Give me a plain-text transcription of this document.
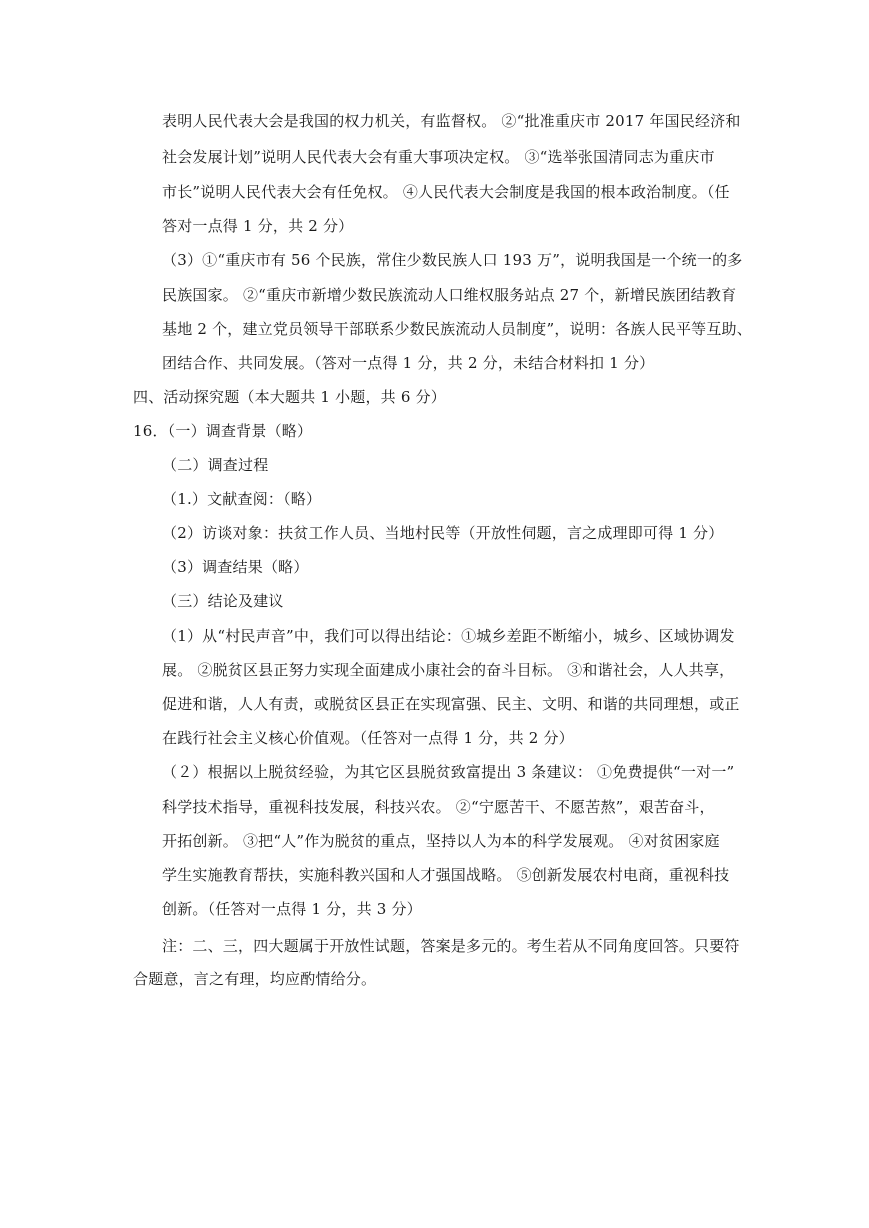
表明人民代表大会是我国的权力机关，有监督权。 ②“批准重庆市 2017 年国民经济和
社会发展计划”说明人民代表大会有重大事项决定权。 ③“选举张国清同志为重庆市
市长”说明人民代表大会有任免权。 ④人民代表大会制度是我国的根本政治制度。（任
答对一点得 1 分，共 2 分）
（3）①“重庆市有 56 个民族，常住少数民族人口 193 万”，说明我国是一个统一的多
民族国家。 ②“重庆市新增少数民族流动人口维权服务站点 27 个，新增民族团结教育
基地 2 个，建立党员领导干部联系少数民族流动人员制度”，说明：各族人民平等互助、
团结合作、共同发展。（答对一点得 1 分，共 2 分，未结合材料扣 1 分）
四、活动探究题（本大题共 1 小题，共 6 分）
16．（一）调查背景（略）
（二）调查过程
（1.）文献查阅：（略）
（2）访谈对象：扶贫工作人员、当地村民等（开放性伺题，言之成理即可得 1 分）
（3）调查结果（略）
（三）结论及建议
（1）从“村民声音”中，我们可以得出结论：①城乡差距不断缩小，城乡、区域协调发
展。 ②脱贫区县正努力实现全面建成小康社会的奋斗目标。 ③和谐社会，人人共享，
促进和谐，人人有责，或脱贫区县正在实现富强、民主、文明、和谐的共同理想，或正
在践行社会主义核心价值观。（任答对一点得 1 分，共 2 分）
（２）根据以上脱贫经验，为其它区县脱贫致富提出 3 条建议： ①免费提供“一对一”
科学技术指导，重视科技发展，科技兴农。 ②“宁愿苦干、不愿苦熬”，艰苦奋斗，
开拓创新。 ③把“人”作为脱贫的重点，坚持以人为本的科学发展观。 ④对贫困家庭
学生实施教育帮扶，实施科教兴国和人才强国战略。 ⑤创新发展农村电商，重视科技
创新。（任答对一点得 1 分，共 3 分）
注：二、三，四大题属于开放性试题，答案是多元的。考生若从不同角度回答。只要符
合题意，言之有理，均应酌情给分。
